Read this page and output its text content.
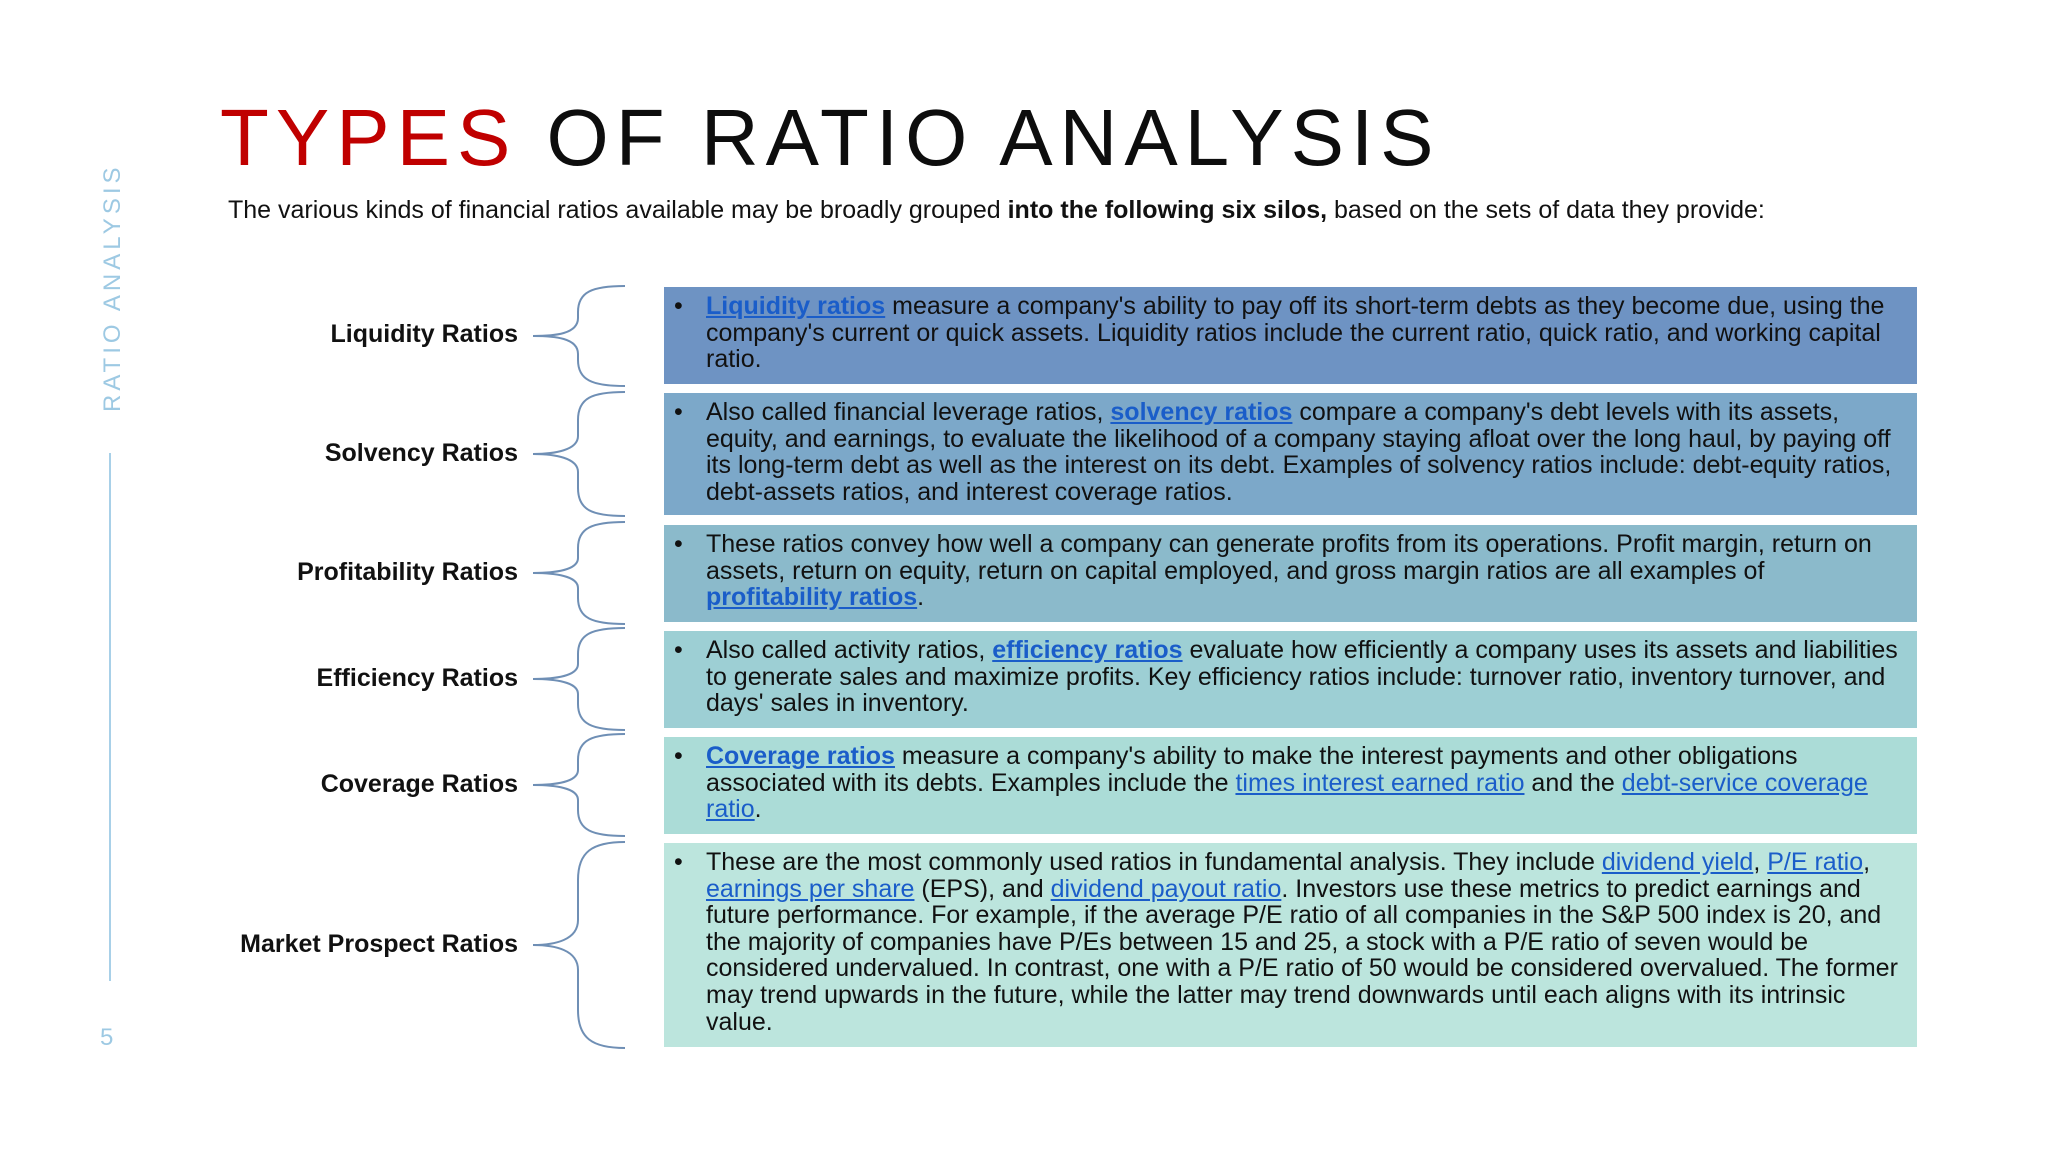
RATIO ANALYSIS
5
TYPES OF RATIO ANALYSIS
The various kinds of financial ratios available may be broadly grouped into the following six silos, based on the sets of data they provide:
Liquidity Ratios
Solvency Ratios
Profitability Ratios
Efficiency Ratios
Coverage Ratios
Market Prospect Ratios
• Liquidity ratios measure a company's ability to pay off its short-term debts as they become due, using the company's current or quick assets. Liquidity ratios include the current ratio, quick ratio, and working capital ratio.
• Also called financial leverage ratios, solvency ratios compare a company's debt levels with its assets, equity, and earnings, to evaluate the likelihood of a company staying afloat over the long haul, by paying off its long-term debt as well as the interest on its debt. Examples of solvency ratios include: debt-equity ratios, debt-assets ratios, and interest coverage ratios.
• These ratios convey how well a company can generate profits from its operations. Profit margin, return on assets, return on equity, return on capital employed, and gross margin ratios are all examples of profitability ratios.
• Also called activity ratios, efficiency ratios evaluate how efficiently a company uses its assets and liabilities to generate sales and maximize profits. Key efficiency ratios include: turnover ratio, inventory turnover, and days' sales in inventory.
• Coverage ratios measure a company's ability to make the interest payments and other obligations associated with its debts. Examples include the times interest earned ratio and the debt-service coverage ratio.
• These are the most commonly used ratios in fundamental analysis. They include dividend yield, P/E ratio, earnings per share (EPS), and dividend payout ratio. Investors use these metrics to predict earnings and future performance. For example, if the average P/E ratio of all companies in the S&P 500 index is 20, and the majority of companies have P/Es between 15 and 25, a stock with a P/E ratio of seven would be considered undervalued. In contrast, one with a P/E ratio of 50 would be considered overvalued. The former may trend upwards in the future, while the latter may trend downwards until each aligns with its intrinsic value.
